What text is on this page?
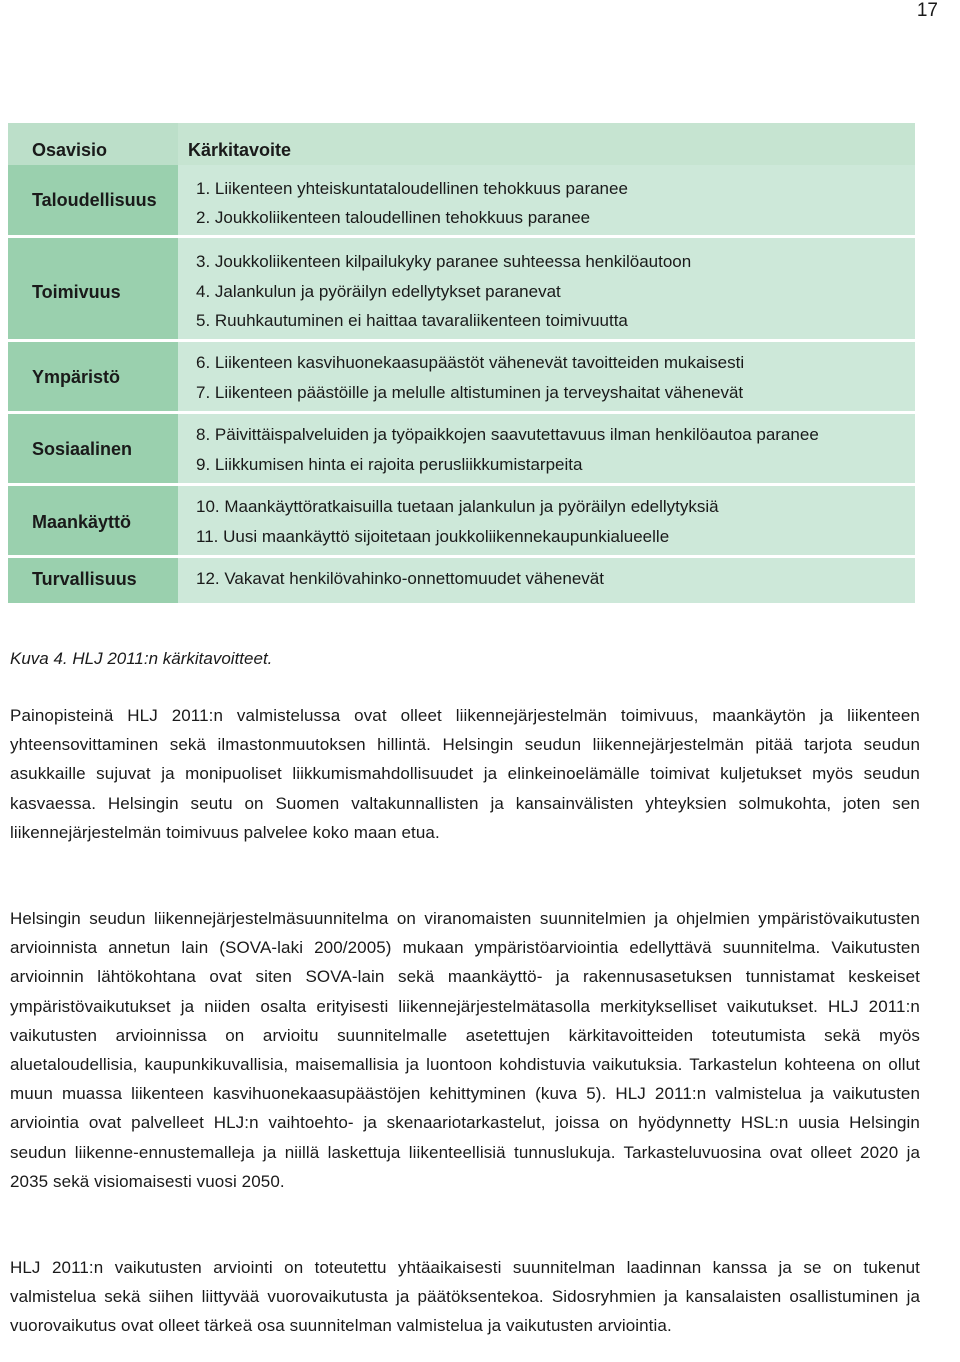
17
Osavisio
Taloudellisuus
Toimivuus
Ympäristö
Sosiaalinen
Maankäyttö
Turvallisuus
Kärkitavoite
1. Liikenteen yhteiskuntataloudellinen tehokkuus paranee
2. Joukkoliikenteen taloudellinen tehokkuus paranee
3. Joukkoliikenteen kilpailukyky paranee suhteessa henkilöautoon
4. Jalankulun ja pyöräilyn edellytykset paranevat
5. Ruuhkautuminen ei haittaa tavaraliikenteen toimivuutta
6. Liikenteen kasvihuonekaasupäästöt vähenevät tavoitteiden mukaisesti
7. Liikenteen päästöille ja melulle altistuminen ja terveyshaitat vähenevät
8. Päivittäispalveluiden ja työpaikkojen saavutettavuus ilman henkilöautoa paranee
9. Liikkumisen hinta ei rajoita perusliikkumistarpeita
10. Maankäyttöratkaisuilla tuetaan jalankulun ja pyöräilyn edellytyksiä
11. Uusi maankäyttö sijoitetaan joukkoliikennekaupunkialueelle
12. Vakavat henkilövahinko-onnettomuudet vähenevät
Kuva 4. HLJ 2011:n kärkitavoitteet.

Painopisteinä HLJ 2011:n valmistelussa ovat olleet liikennejärjestelmän toimivuus, maankäytön ja liikenteen yhteensovittaminen sekä ilmastonmuutoksen hillintä. Helsingin seudun liikennejärjestelmän pitää tarjota seudun asukkaille sujuvat ja monipuoliset liikkumismahdollisuudet ja elinkeinoelämälle toimivat kuljetukset myös seudun kasvaessa. Helsingin seutu on Suomen valtakunnallisten ja kansainvälisten yhteyksien solmukohta, joten sen liikennejärjestelmän toimivuus palvelee koko maan etua.

Helsingin seudun liikennejärjestelmäsuunnitelma on viranomaisten suunnitelmien ja ohjelmien ympäristövaikutusten arvioinnista annetun lain (SOVA-laki 200/2005) mukaan ympäristöarviointia edellyttävä suunnitelma. Vaikutusten arvioinnin lähtökohtana ovat siten SOVA-lain sekä maankäyttö- ja rakennusasetuksen tunnistamat keskeiset ympäristövaikutukset ja niiden osalta erityisesti liikennejärjestelmätasolla merkitykselliset vaikutukset. HLJ 2011:n vaikutusten arvioinnissa on arvioitu suunnitelmalle asetettujen kärkitavoitteiden toteutumista sekä myös aluetaloudellisia, kaupunkikuvallisia, maisemallisia ja luontoon kohdistuvia vaikutuksia. Tarkastelun kohteena on ollut muun muassa liikenteen kasvihuonekaasupäästöjen kehittyminen (kuva 5). HLJ 2011:n valmistelua ja vaikutusten arviointia ovat palvelleet HLJ:n vaihtoehto- ja skenaariotarkastelut, joissa on hyödynnetty HSL:n uusia Helsingin seudun liikenne-ennustemalleja ja niillä laskettuja liikenteellisiä tunnuslukuja. Tarkasteluvuosina ovat olleet 2020 ja 2035 sekä visiomaisesti vuosi 2050.

HLJ 2011:n vaikutusten arviointi on toteutettu yhtäaikaisesti suunnitelman laadinnan kanssa ja se on tukenut valmistelua sekä siihen liittyvää vuorovaikutusta ja päätöksentekoa. Sidosryhmien ja kansalaisten osallistuminen ja vuorovaikutus ovat olleet tärkeä osa suunnitelman valmistelua ja vaikutusten arviointia.
